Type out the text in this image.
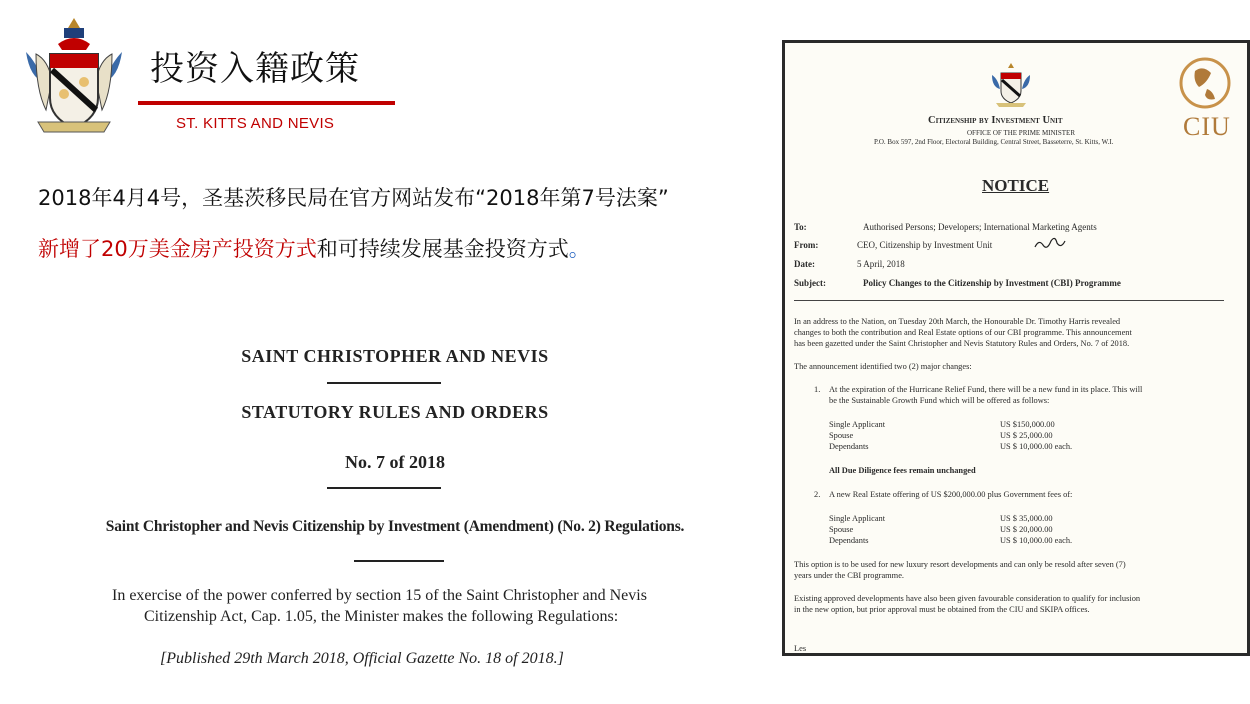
投资入籍政策
ST. KITTS AND NEVIS
2018年4月4号，圣基茨移民局在官方网站发布“2018年第7号法案”
新增了20万美金房产投资方式和可持续发展基金投资方式。
SAINT CHRISTOPHER AND NEVIS
STATUTORY RULES AND ORDERS
No. 7 of 2018
Saint Christopher and Nevis Citizenship by Investment (Amendment) (No. 2) Regulations.
In exercise of the power conferred by section 15 of the Saint Christopher and Nevis
Citizenship Act, Cap. 1.05, the Minister makes the following Regulations:
[Published 29th March 2018, Official Gazette No. 18 of 2018.]
CIU
Citizenship by Investment Unit
OFFICE OF THE PRIME MINISTER
P.O. Box 597, 2nd Floor, Electoral Building, Central Street, Basseterre, St. Kitts, W.I.
NOTICE
To:	Authorised Persons; Developers; International Marketing Agents
From:	CEO, Citizenship by Investment Unit
Date:	5 April, 2018
Subject:	Policy Changes to the Citizenship by Investment (CBI) Programme
In an address to the Nation, on Tuesday 20th March, the Honourable Dr. Timothy Harris revealed
changes to both the contribution and Real Estate options of our CBI programme. This announcement
has been gazetted under the Saint Christopher and Nevis Statutory Rules and Orders, No. 7 of 2018.
The announcement identified two (2) major changes:
1. At the expiration of the Hurricane Relief Fund, there will be a new fund in its place. This will
be the Sustainable Growth Fund which will be offered as follows:
Single Applicant	US $150,000.00
Spouse	US $ 25,000.00
Dependants	US $ 10,000.00 each.
All Due Diligence fees remain unchanged
2. A new Real Estate offering of US $200,000.00 plus Government fees of:
Single Applicant	US $ 35,000.00
Spouse	US $ 20,000.00
Dependants	US $ 10,000.00 each.
This option is to be used for new luxury resort developments and can only be resold after seven (7)
years under the CBI programme.
Existing approved developments have also been given favourable consideration to qualify for inclusion
in the new option, but prior approval must be obtained from the CIU and SKIPA offices.
Les
